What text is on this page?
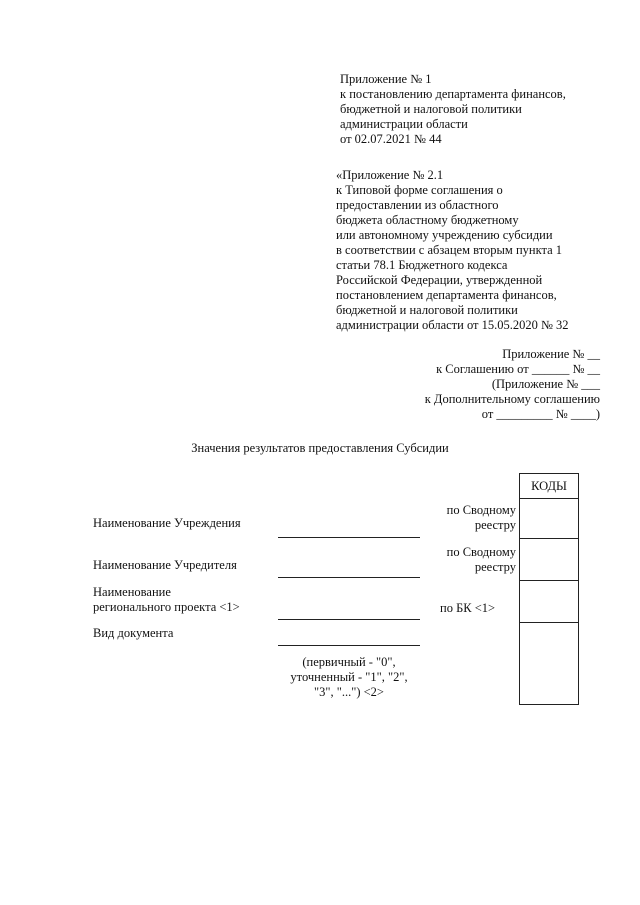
Приложение № 1
к постановлению департамента финансов,
бюджетной и налоговой политики
администрации области
от 02.07.2021 № 44
«Приложение № 2.1
к Типовой форме соглашения о
предоставлении из областного
бюджета областному бюджетному
или автономному учреждению субсидии
в соответствии с абзацем вторым пункта 1
статьи 78.1 Бюджетного кодекса
Российской Федерации, утвержденной
постановлением департамента финансов,
бюджетной и налоговой политики
администрации области от 15.05.2020 № 32
Приложение № __
к Соглашению от ______ № __
(Приложение № ___
к Дополнительному соглашению
от _________ № ____)
Значения результатов предоставления Субсидии
КОДЫ
Наименование Учреждения
Наименование Учредителя
Наименование
регионального проекта <1>
Вид документа
(первичный - "0",
уточненный - "1", "2",
"3", "...") <2>
по Сводному
реестру
по Сводному
реестру
по БК <1>
